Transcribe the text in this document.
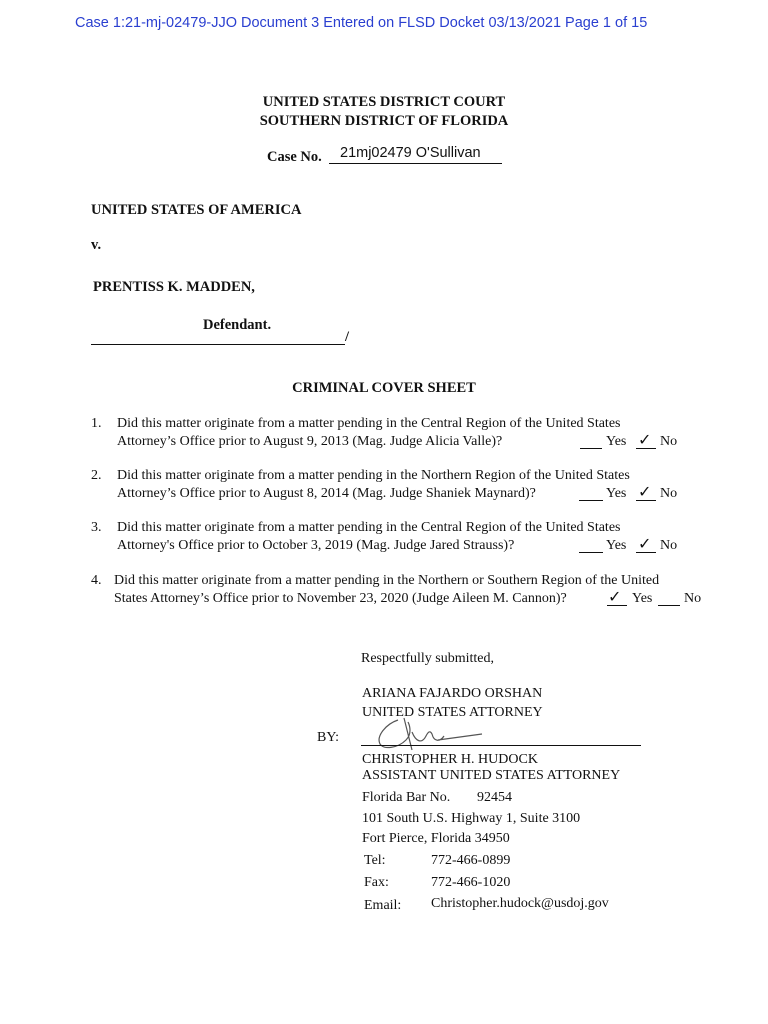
Case 1:21-mj-02479-JJO Document 3 Entered on FLSD Docket 03/13/2021 Page 1 of 15
UNITED STATES DISTRICT COURT
SOUTHERN DISTRICT OF FLORIDA
Case No. 21mj02479 O'Sullivan
UNITED STATES OF AMERICA
v.
PRENTISS K. MADDEN,
Defendant.
/
CRIMINAL COVER SHEET
1. Did this matter originate from a matter pending in the Central Region of the United States
Attorney’s Office prior to August 9, 2013 (Mag. Judge Alicia Valle)?	Yes ✓ No
2. Did this matter originate from a matter pending in the Northern Region of the United States
Attorney’s Office prior to August 8, 2014 (Mag. Judge Shaniek Maynard)?	Yes ✓ No
3. Did this matter originate from a matter pending in the Central Region of the United States
Attorney's Office prior to October 3, 2019 (Mag. Judge Jared Strauss)?	Yes ✓ No
4. Did this matter originate from a matter pending in the Northern or Southern Region of the United
States Attorney’s Office prior to November 23, 2020 (Judge Aileen M. Cannon)?	✓ Yes No
Respectfully submitted,
ARIANA FAJARDO ORSHAN
UNITED STATES ATTORNEY
BY:
CHRISTOPHER H. HUDOCK
ASSISTANT UNITED STATES ATTORNEY
Florida Bar No. 92454
101 South U.S. Highway 1, Suite 3100
Fort Pierce, Florida 34950
Tel:	772-466-0899
Fax:	772-466-1020
Email: Christopher.hudock@usdoj.gov
